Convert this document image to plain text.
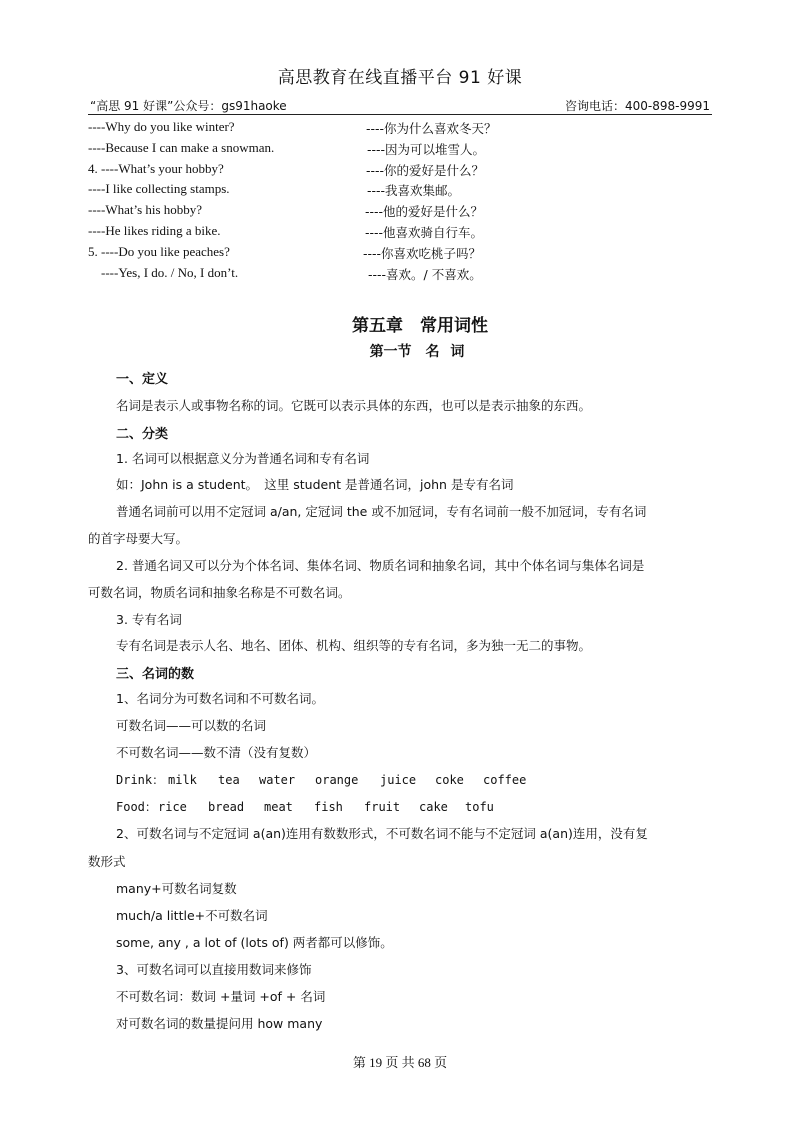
高思教育在线直播平台 91 好课
“高思 91 好课”公众号：gs91haoke	咨询电话：400-898-9991
----Why do you like winter?	----你为什么喜欢冬天？
----Because I can make a snowman.	----因为可以堆雪人。
4. ----What’s your hobby?	----你的爱好是什么？
----I like collecting stamps.	----我喜欢集邮。
----What’s his hobby?	----他的爱好是什么？
----He likes riding a bike.	----他喜欢骑自行车。
5. ----Do you like peaches?	----你喜欢吃桃子吗？
----Yes, I do. / No, I don’t.	----喜欢。/ 不喜欢。
第五章　常用词性
第一节　名 词
一、定义
名词是表示人或事物名称的词。它既可以表示具体的东西，也可以是表示抽象的东西。
二、分类
1. 名词可以根据意义分为普通名词和专有名词
如：John is a student。　这里 student 是普通名词，john 是专有名词
普通名词前可以用不定冠词 a/an, 定冠词 the 或不加冠词，专有名词前一般不加冠词，专有名词
的首字母要大写。
2. 普通名词又可以分为个体名词、集体名词、物质名词和抽象名词，其中个体名词与集体名词是
可数名词，物质名词和抽象名称是不可数名词。
3. 专有名词
专有名词是表示人名、地名、团体、机构、组织等的专有名词，多为独一无二的事物。
三、名词的数
1、名词分为可数名词和不可数名词。
可数名词——可以数的名词
不可数名词——数不清（没有复数）
Drink： milk tea water orange juice coke coffee
Food：rice bread meat fish fruit cake tofu
2、可数名词与不定冠词 a(an)连用有数数形式，不可数名词不能与不定冠词 a(an)连用，没有复
数形式
many+可数名词复数
much/a little+不可数名词
some, any , a lot of (lots of) 两者都可以修饰。
3、可数名词可以直接用数词来修饰
不可数名词：数词 +量词 +of + 名词
对可数名词的数量提问用 how many
第 19 页 共 68 页
